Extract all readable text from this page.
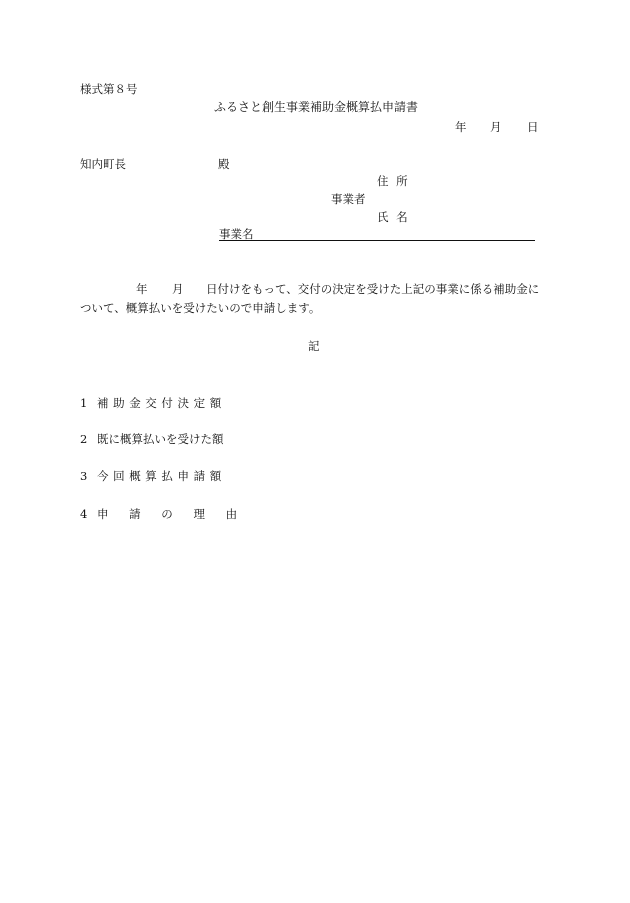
様式第８号
ふるさと創生事業補助金概算払申請書
年 月 日
知内町長	殿
住 所
事業者
氏 名
事業名
年 月 日付けをもって、交付の決定を受けた上記の事業に係る補助金に
ついて、概算払いを受けたいので申請します。
記
1 補助金交付決定額
2 既に概算払いを受けた額
3 今回概算払申請額
4 申 請 の 理 由
